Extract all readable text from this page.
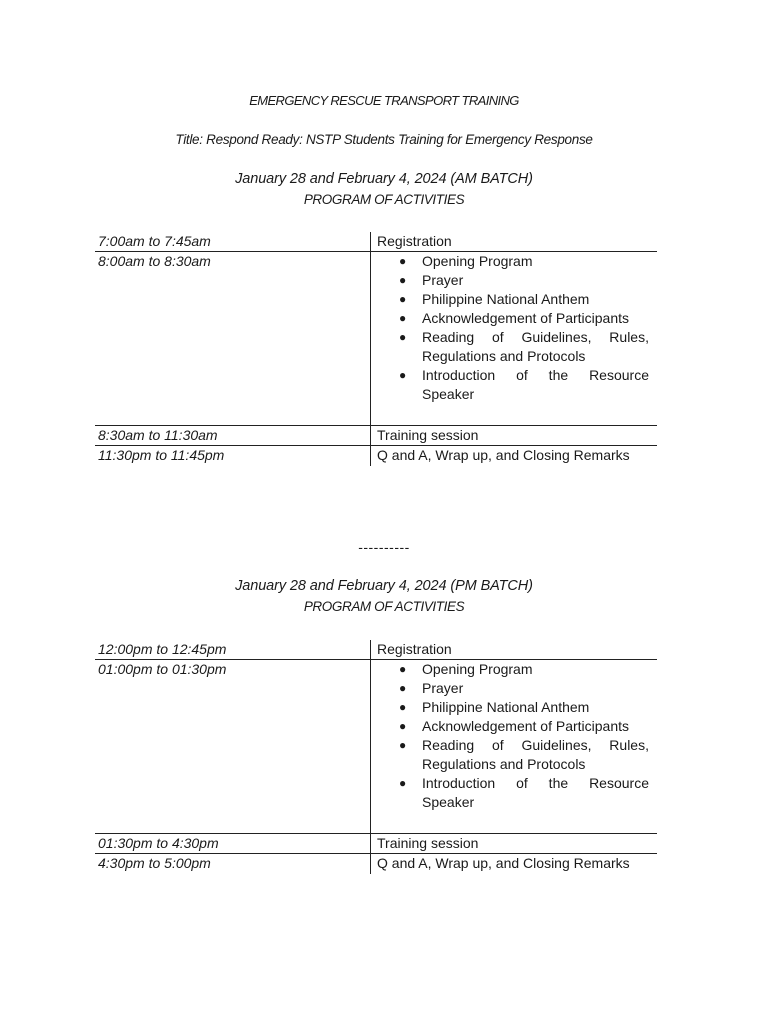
EMERGENCY RESCUE TRANSPORT TRAINING
Title: Respond Ready: NSTP Students Training for Emergency Response
January 28 and February 4, 2024 (AM BATCH)
PROGRAM OF ACTIVITIES
7:00am to 7:45am	Registration
8:00am to 8:30am	● Opening Program
● Prayer
● Philippine National Anthem
● Acknowledgement of Participants
● Reading of Guidelines, Rules, Regulations and Protocols
● Introduction of the Resource Speaker
8:30am to 11:30am	Training session
11:30pm to 11:45pm	Q and A, Wrap up, and Closing Remarks
----------
January 28 and February 4, 2024 (PM BATCH)
PROGRAM OF ACTIVITIES
12:00pm to 12:45pm	Registration
01:00pm to 01:30pm	● Opening Program
● Prayer
● Philippine National Anthem
● Acknowledgement of Participants
● Reading of Guidelines, Rules, Regulations and Protocols
● Introduction of the Resource Speaker
01:30pm to 4:30pm	Training session
4:30pm to 5:00pm	Q and A, Wrap up, and Closing Remarks
